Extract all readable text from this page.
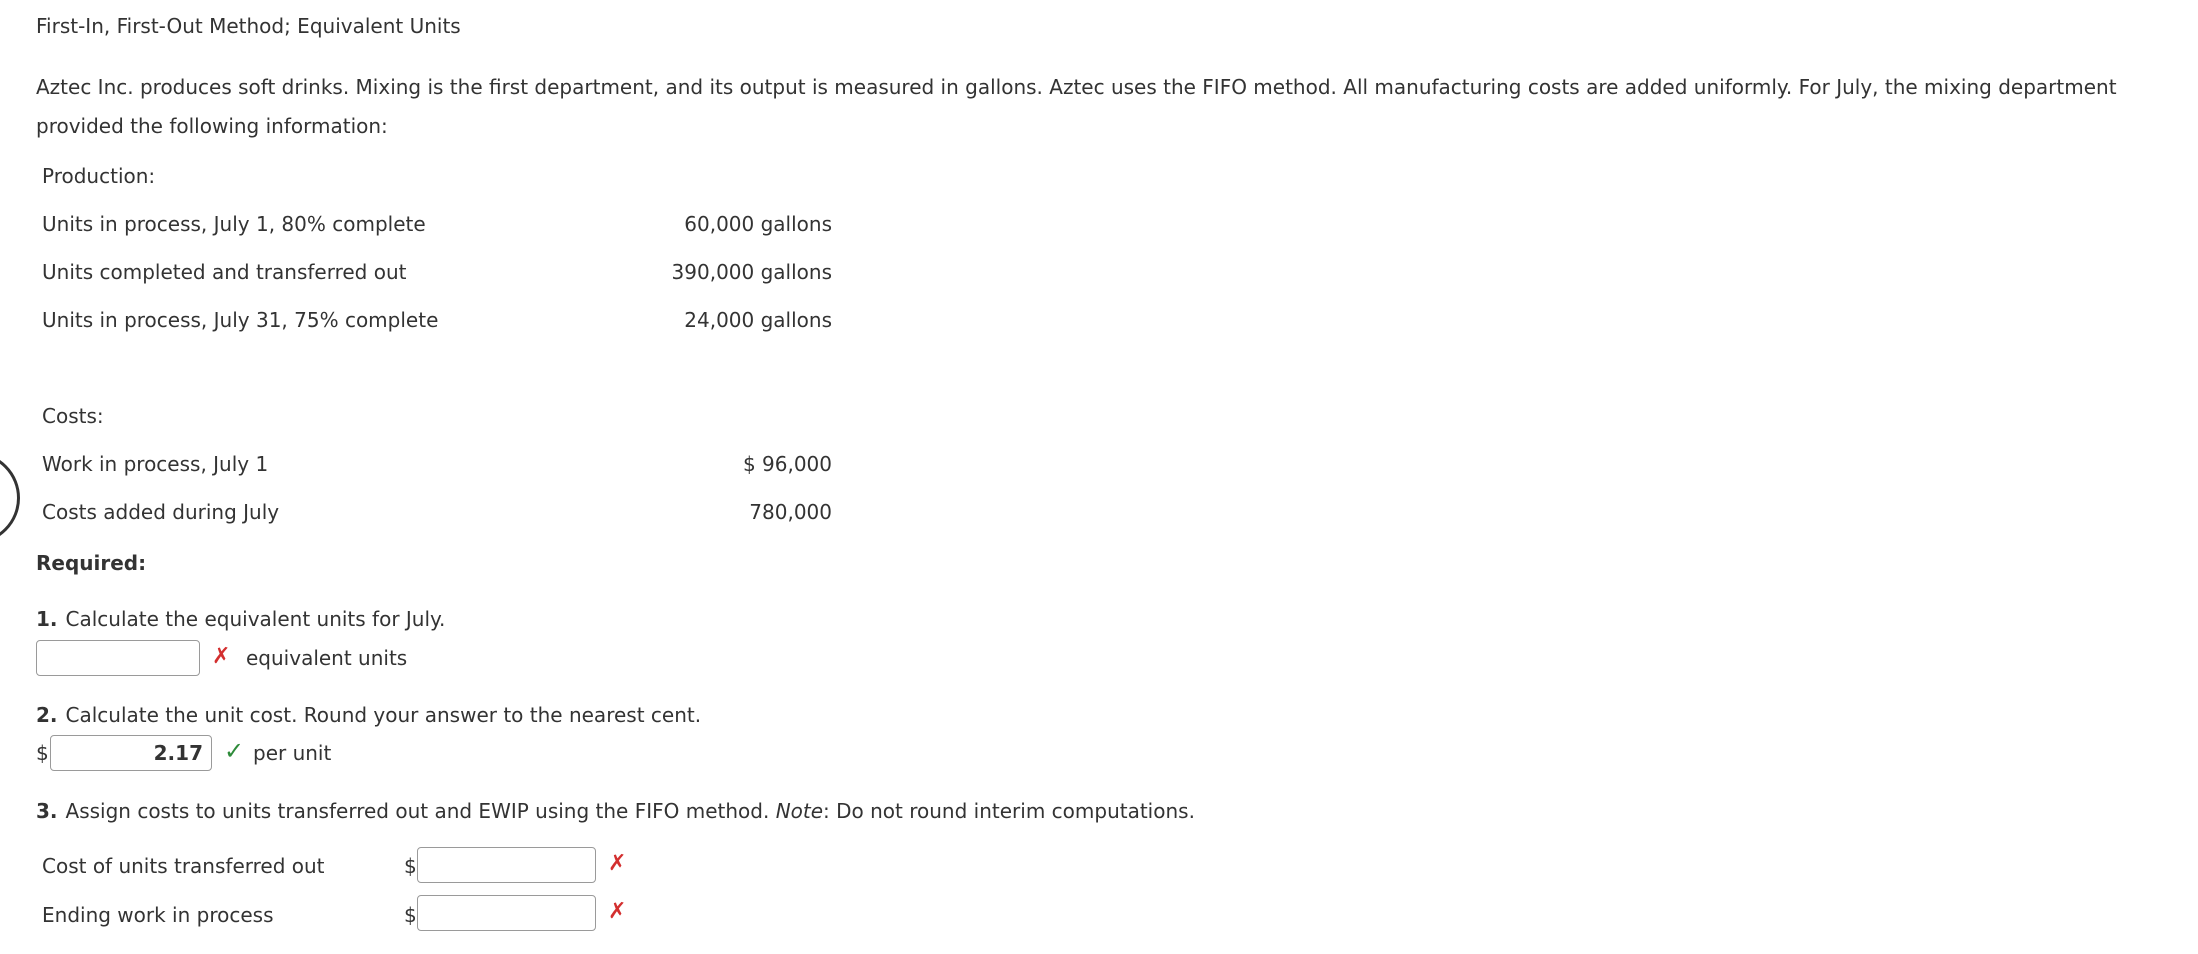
First-In, First-Out Method; Equivalent Units
Aztec Inc. produces soft drinks. Mixing is the first department, and its output is measured in gallons. Aztec uses the FIFO method. All manufacturing costs are added uniformly. For July, the mixing department provided the following information:
Production:
Units in process, July 1, 80% complete	60,000 gallons
Units completed and transferred out	390,000 gallons
Units in process, July 31, 75% complete	24,000 gallons
Costs:
Work in process, July 1	$ 96,000
Costs added during July	780,000
Required:
1. Calculate the equivalent units for July.
✗ equivalent units
2. Calculate the unit cost. Round your answer to the nearest cent.
$
2.17	✓ per unit
3. Assign costs to units transferred out and EWIP using the FIFO method. Note: Do not round interim computations.
Cost of units transferred out	$	✗
Ending work in process	$	✗
